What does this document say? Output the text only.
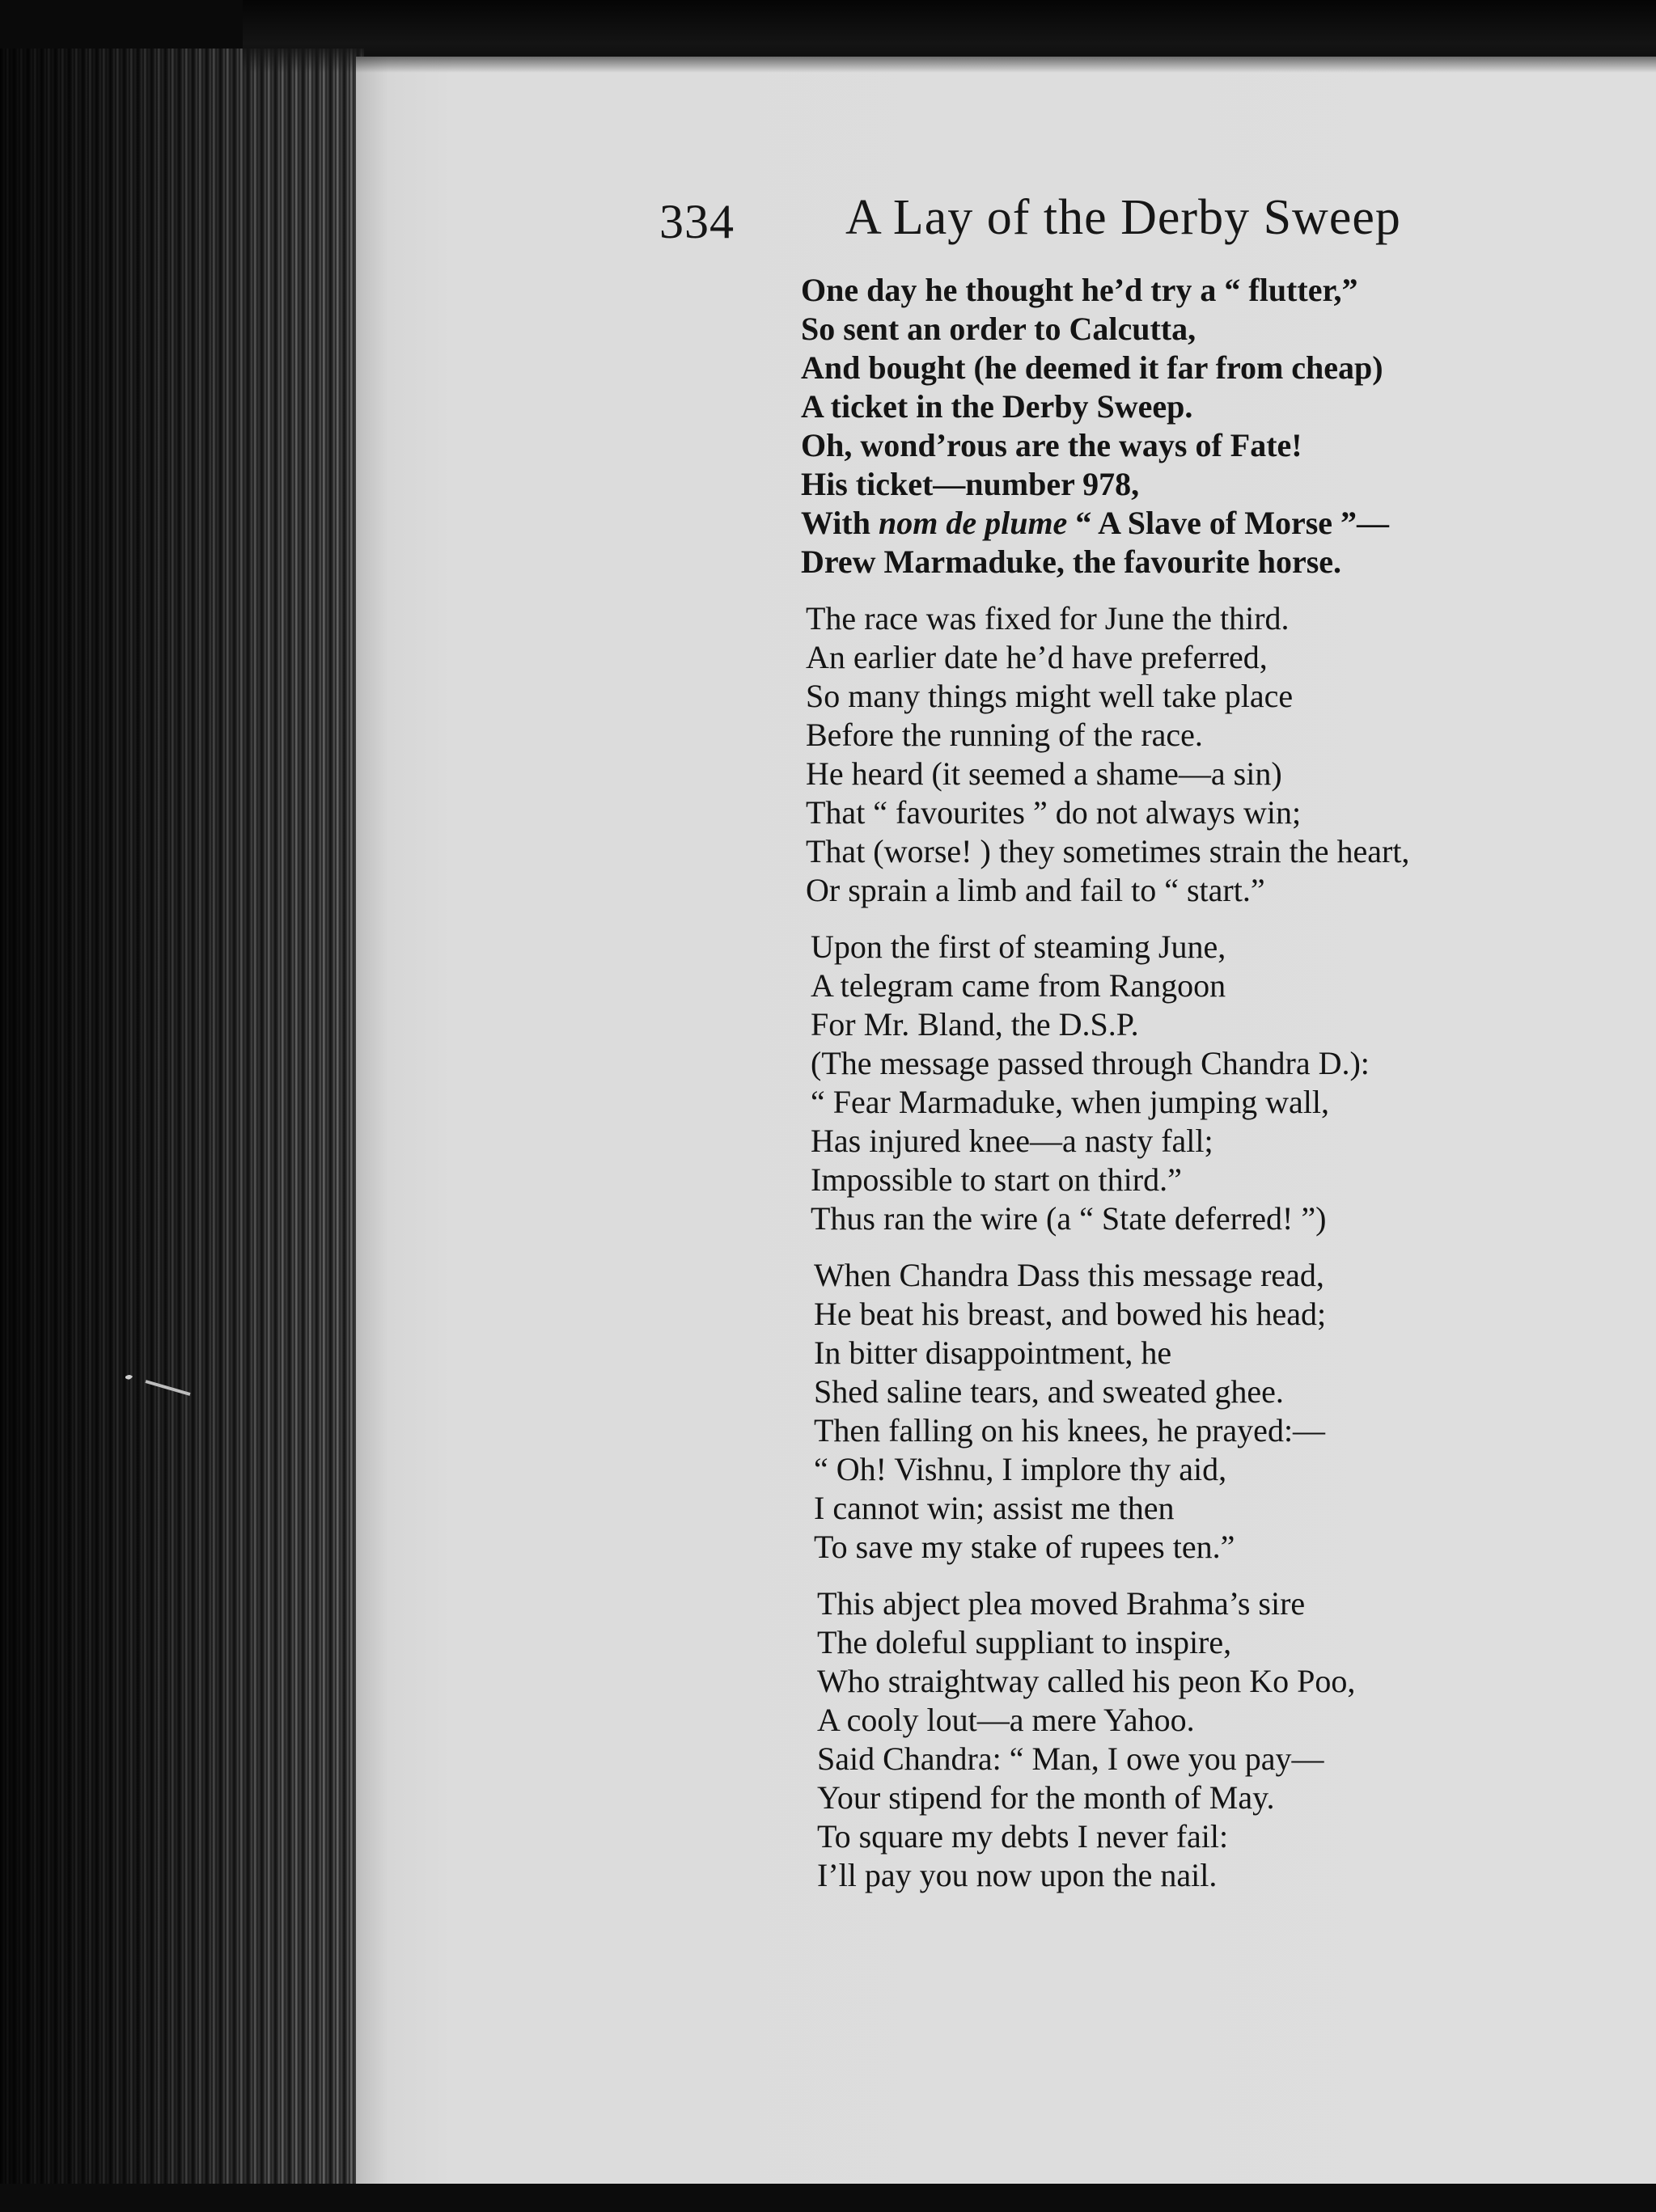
334 A Lay of the Derby Sweep
One day he thought he’d try a “ flutter,”
So sent an order to Calcutta,
And bought (he deemed it far from cheap)
A ticket in the Derby Sweep.
Oh, wond’rous are the ways of Fate!
His ticket—number 978,
With nom de plume “ A Slave of Morse ”—
Drew Marmaduke, the favourite horse.
The race was fixed for June the third.
An earlier date he’d have preferred,
So many things might well take place
Before the running of the race.
He heard (it seemed a shame—a sin)
That “ favourites ” do not always win;
That (worse! ) they sometimes strain the heart,
Or sprain a limb and fail to “ start.”
Upon the first of steaming June,
A telegram came from Rangoon
For Mr. Bland, the D.S.P.
(The message passed through Chandra D.):
“ Fear Marmaduke, when jumping wall,
Has injured knee—a nasty fall;
Impossible to start on third.”
Thus ran the wire (a “ State deferred! ”)
When Chandra Dass this message read,
He beat his breast, and bowed his head;
In bitter disappointment, he
Shed saline tears, and sweated ghee.
Then falling on his knees, he prayed:—
“ Oh! Vishnu, I implore thy aid,
I cannot win; assist me then
To save my stake of rupees ten.”
This abject plea moved Brahma’s sire
The doleful suppliant to inspire,
Who straightway called his peon Ko Poo,
A cooly lout—a mere Yahoo.
Said Chandra: “ Man, I owe you pay—
Your stipend for the month of May.
To square my debts I never fail:
I’ll pay you now upon the nail.
